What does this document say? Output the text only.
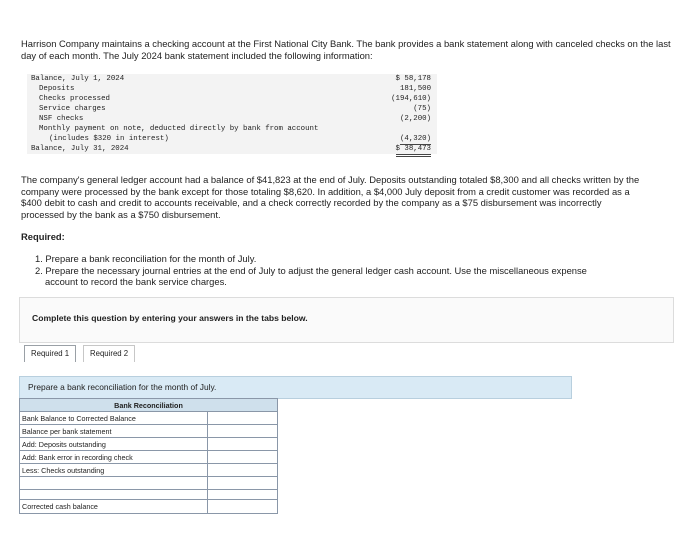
Harrison Company maintains a checking account at the First National City Bank. The bank provides a bank statement along with canceled checks on the last day of each month. The July 2024 bank statement included the following information:
Balance, July 1, 2024	$ 58,178
Deposits	181,500
Checks processed	(194,610)
Service charges	(75)
NSF checks	(2,200)
Monthly payment on note, deducted directly by bank from account
(includes $320 in interest)	(4,320)
Balance, July 31, 2024	$ 38,473
The company's general ledger account had a balance of $41,823 at the end of July. Deposits outstanding totaled $8,300 and all checks written by the company were processed by the bank except for those totaling $8,620. In addition, a $4,000 July deposit from a credit customer was recorded as a $400 debit to cash and credit to accounts receivable, and a check correctly recorded by the company as a $75 disbursement was incorrectly processed by the bank as a $750 disbursement.
Required:
1. Prepare a bank reconciliation for the month of July.
2. Prepare the necessary journal entries at the end of July to adjust the general ledger cash account. Use the miscellaneous expense account to record the bank service charges.
Complete this question by entering your answers in the tabs below.
Required 1	Required 2
Prepare a bank reconciliation for the month of July.
Bank Reconciliation	
Bank Balance to Corrected Balance	
Balance per bank statement	
Add: Deposits outstanding	
Add: Bank error in recording check	
Less: Checks outstanding	

Corrected cash balance	
